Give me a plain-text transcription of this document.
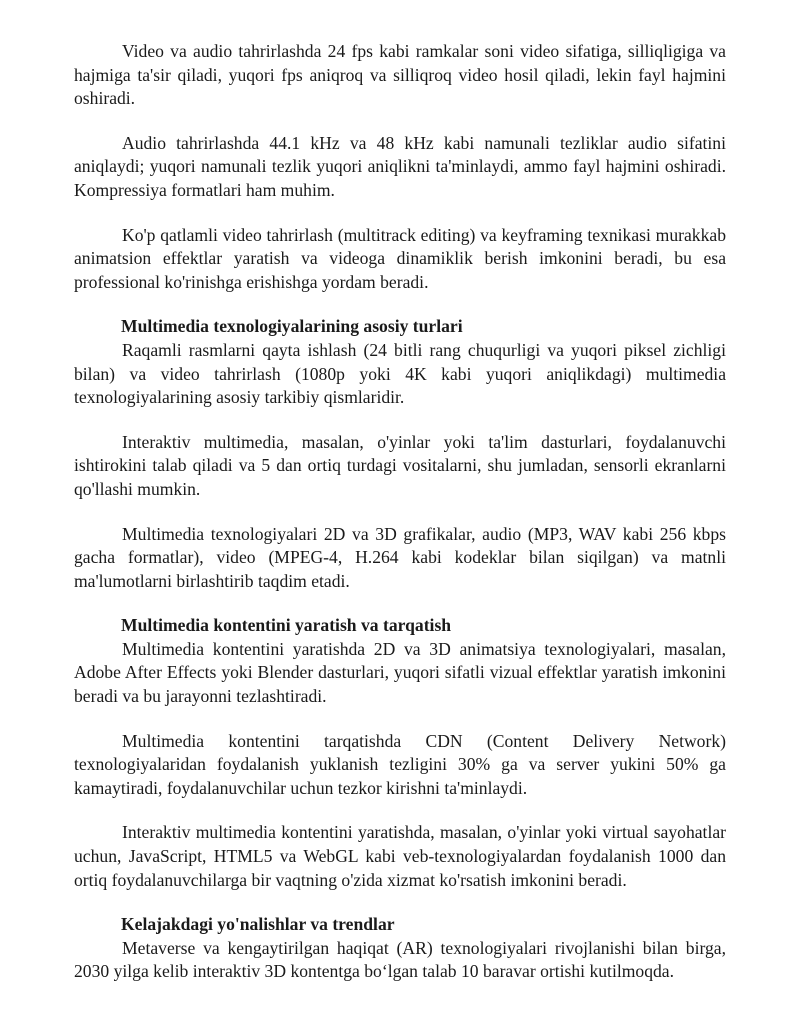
Video va audio tahrirlashda 24 fps kabi ramkalar soni video sifatiga, silliqligiga va hajmiga ta'sir qiladi, yuqori fps aniqroq va silliqroq video hosil qiladi, lekin fayl hajmini oshiradi.

Audio tahrirlashda 44.1 kHz va 48 kHz kabi namunali tezliklar audio sifatini aniqlaydi; yuqori namunali tezlik yuqori aniqlikni ta'minlaydi, ammo fayl hajmini oshiradi. Kompressiya formatlari ham muhim.

Ko'p qatlamli video tahrirlash (multitrack editing) va keyframing texnikasi murakkab animatsion effektlar yaratish va videoga dinamiklik berish imkonini beradi, bu esa professional ko'rinishga erishishga yordam beradi.

Multimedia texnologiyalarining asosiy turlari

Raqamli rasmlarni qayta ishlash (24 bitli rang chuqurligi va yuqori piksel zichligi bilan) va video tahrirlash (1080p yoki 4K kabi yuqori aniqlikdagi) multimedia texnologiyalarining asosiy tarkibiy qismlaridir.

Interaktiv multimedia, masalan, o'yinlar yoki ta'lim dasturlari, foydalanuvchi ishtirokini talab qiladi va 5 dan ortiq turdagi vositalarni, shu jumladan, sensorli ekranlarni qo'llashi mumkin.

Multimedia texnologiyalari 2D va 3D grafikalar, audio (MP3, WAV kabi 256 kbps gacha formatlar), video (MPEG-4, H.264 kabi kodeklar bilan siqilgan) va matnli ma'lumotlarni birlashtirib taqdim etadi.

Multimedia kontentini yaratish va tarqatish

Multimedia kontentini yaratishda 2D va 3D animatsiya texnologiyalari, masalan, Adobe After Effects yoki Blender dasturlari, yuqori sifatli vizual effektlar yaratish imkonini beradi va bu jarayonni tezlashtiradi.

Multimedia kontentini tarqatishda CDN (Content Delivery Network) texnologiyalaridan foydalanish yuklanish tezligini 30% ga va server yukini 50% ga kamaytiradi, foydalanuvchilar uchun tezkor kirishni ta'minlaydi.

Interaktiv multimedia kontentini yaratishda, masalan, o'yinlar yoki virtual sayohatlar uchun, JavaScript, HTML5 va WebGL kabi veb-texnologiyalardan foydalanish 1000 dan ortiq foydalanuvchilarga bir vaqtning o'zida xizmat ko'rsatish imkonini beradi.

Kelajakdagi yo'nalishlar va trendlar

Metaverse va kengaytirilgan haqiqat (AR) texnologiyalari rivojlanishi bilan birga, 2030 yilga kelib interaktiv 3D kontentga bo‘lgan talab 10 baravar ortishi kutilmoqda.
